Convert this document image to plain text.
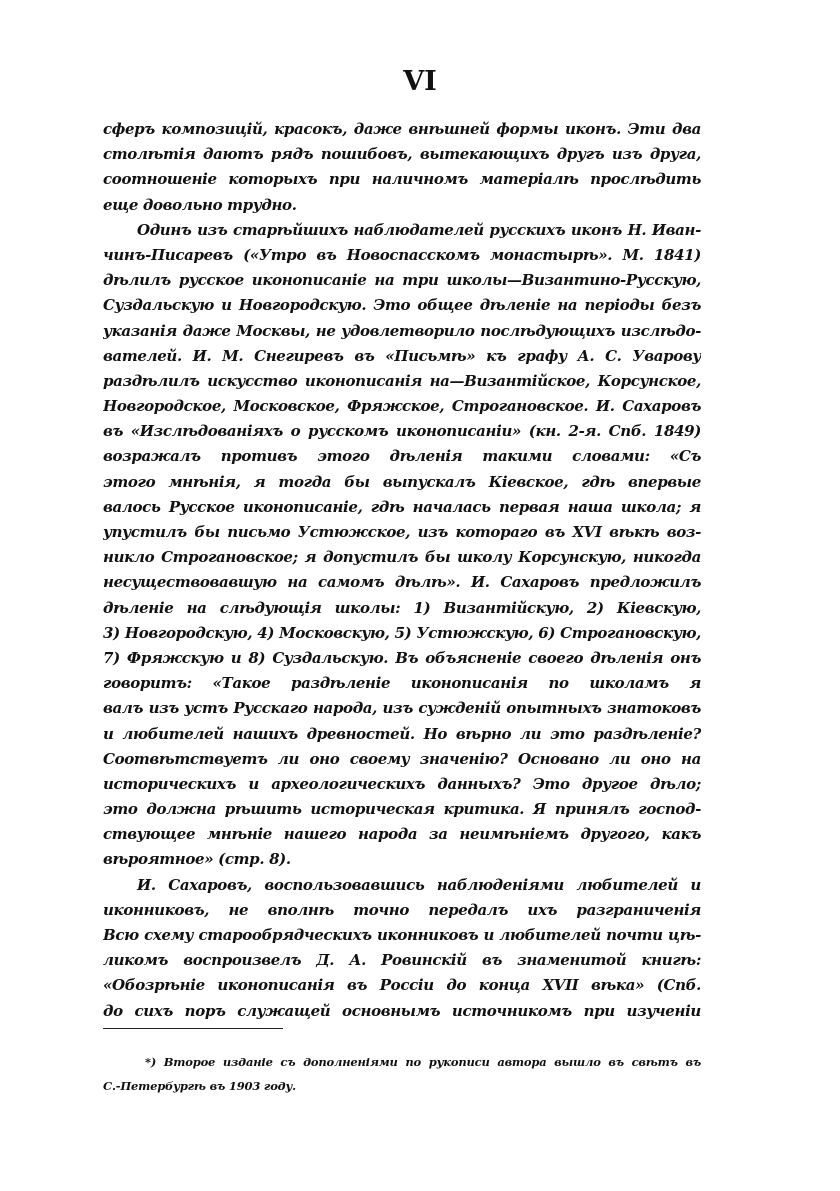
VI
сферъ композицій, красокъ, даже внѣшней формы иконъ. Эти два
столѣтія даютъ рядъ пошибовъ, вытекающихъ другъ изъ друга,
соотношеніе которыхъ при наличномъ матеріалѣ прослѣдить
еще довольно трудно.
Одинъ изъ старѣйшихъ наблюдателей русскихъ иконъ Н. Иван-
чинъ-Писаревъ («Утро въ Новоспасскомъ монастырѣ». М. 1841)
дѣлилъ русское иконописаніе на три школы—Византино-Русскую,
Суздальскую и Новгородскую. Это общее дѣленіе на періоды безъ
указанія даже Москвы, не удовлетворило послѣдующихъ изслѣдо-
вателей. И. М. Снегиревъ въ «Письмѣ» къ графу А. С. Уварову
раздѣлилъ искусство иконописанія на—Византійское, Корсунское,
Новгородское, Московское, Фряжское, Строгановское. И. Сахаровъ
въ «Изслѣдованіяхъ о русскомъ иконописаніи» (кн. 2-я. Спб. 1849)
возражалъ противъ этого дѣленія такими словами: «Съ
этого мнѣнія, я тогда бы выпускалъ Кіевское, гдѣ впервые
валось Русское иконописаніе, гдѣ началась первая наша школа; я
упустилъ бы письмо Устюжское, изъ котораго въ XVI вѣкѣ воз-
никло Строгановское; я допустилъ бы школу Корсунскую, никогда
несуществовавшую на самомъ дѣлѣ». И. Сахаровъ предложилъ
дѣленіе на слѣдующія школы: 1) Византійскую, 2) Кіевскую,
3) Новгородскую, 4) Московскую, 5) Устюжскую, 6) Строгановскую,
7) Фряжскую и 8) Суздальскую. Въ объясненіе своего дѣленія онъ
говоритъ: «Такое раздѣленіе иконописанія по школамъ я
валъ изъ устъ Русскаго народа, изъ сужденій опытныхъ знатоковъ
и любителей нашихъ древностей. Но вѣрно ли это раздѣленіе?
Соотвѣтствуетъ ли оно своему значенію? Основано ли оно на
историческихъ и археологическихъ данныхъ? Это другое дѣло;
это должна рѣшить историческая критика. Я принялъ господ-
ствующее мнѣніе нашего народа за неимѣніемъ другого, какъ
вѣроятное» (стр. 8).
И. Сахаровъ, воспользовавшись наблюденіями любителей и
иконниковъ, не вполнѣ точно передалъ ихъ разграниченія
Всю схему старообрядческихъ иконниковъ и любителей почти цѣ-
ликомъ воспроизвелъ Д. А. Ровинскій въ знаменитой книгѣ:
«Обозрѣніе иконописанія въ Россіи до конца XVII вѣка» (Спб.
до сихъ поръ служащей основнымъ источникомъ при изученіи
*) Второе изданіе съ дополненіями по рукописи автора вышло въ свѣтъ въ
С.-Петербургѣ въ 1903 году.
